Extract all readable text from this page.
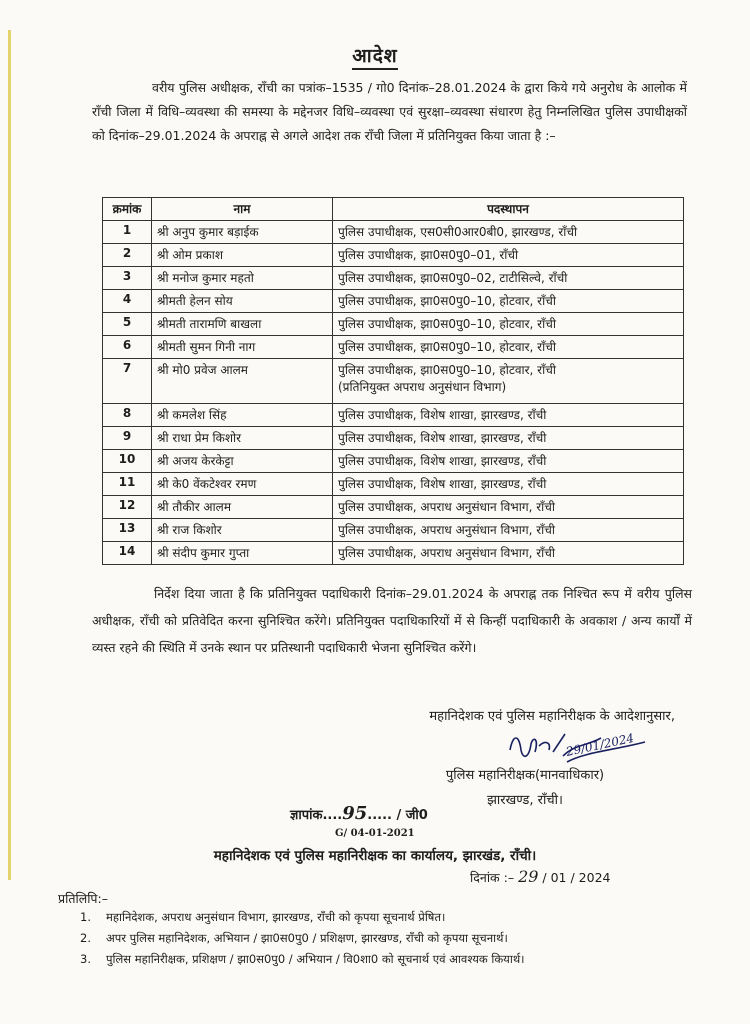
आदेश
वरीय पुलिस अधीक्षक, राँची का पत्रांक–1535 / गो0 दिनांक–28.01.2024 के द्वारा किये गये अनुरोध के आलोक में राँची जिला में विधि–व्यवस्था की समस्या के मद्देनजर विधि–व्यवस्था एवं सुरक्षा–व्यवस्था संधारण हेतु निम्नलिखित पुलिस उपाधीक्षकों को दिनांक–29.01.2024 के अपराह्न से अगले आदेश तक राँची जिला में प्रतिनियुक्त किया जाता है :–
क्रमांक	नाम	पदस्थापन
1	श्री अनुप कुमार बड़ाईक	पुलिस उपाधीक्षक, एस0सी0आर0बी0, झारखण्ड, राँची

2	श्री ओम प्रकाश	पुलिस उपाधीक्षक, झा0स0पु0–01, राँची

3	श्री मनोज कुमार महतो	पुलिस उपाधीक्षक, झा0स0पु0–02, टाटीसिल्वे, राँची

4	श्रीमती हेलन सोय	पुलिस उपाधीक्षक, झा0स0पु0–10, होटवार, राँची

5	श्रीमती तारामणि बाखला	पुलिस उपाधीक्षक, झा0स0पु0–10, होटवार, राँची

6	श्रीमती सुमन गिनी नाग	पुलिस उपाधीक्षक, झा0स0पु0–10, होटवार, राँची

7	श्री मो0 प्रवेज आलम	पुलिस उपाधीक्षक, झा0स0पु0–10, होटवार, राँची
(प्रतिनियुक्त अपराध अनुसंधान विभाग)

8	श्री कमलेश सिंह	पुलिस उपाधीक्षक, विशेष शाखा, झारखण्ड, राँची

9	श्री राधा प्रेम किशोर	पुलिस उपाधीक्षक, विशेष शाखा, झारखण्ड, राँची

10	श्री अजय केरकेट्टा	पुलिस उपाधीक्षक, विशेष शाखा, झारखण्ड, राँची

11	श्री के0 वेंकटेश्वर रमण	पुलिस उपाधीक्षक, विशेष शाखा, झारखण्ड, राँची

12	श्री तौकीर आलम	पुलिस उपाधीक्षक, अपराध अनुसंधान विभाग, राँची

13	श्री राज किशोर	पुलिस उपाधीक्षक, अपराध अनुसंधान विभाग, राँची

14	श्री संदीप कुमार गुप्ता	पुलिस उपाधीक्षक, अपराध अनुसंधान विभाग, राँची
निर्देश दिया जाता है कि प्रतिनियुक्त पदाधिकारी दिनांक–29.01.2024 के अपराह्न तक निश्चित रूप में वरीय पुलिस अधीक्षक, राँची को प्रतिवेदित करना सुनिश्चित करेंगे। प्रतिनियुक्त पदाधिकारियों में से किन्हीं पदाधिकारी के अवकाश / अन्य कार्यों में व्यस्त रहने की स्थिति में उनके स्थान पर प्रतिस्थानी पदाधिकारी भेजना सुनिश्चित करेंगे।
महानिदेशक एवं पुलिस महानिरीक्षक के आदेशानुसार,
29/01/2024
पुलिस महानिरीक्षक(मानवाधिकार)
झारखण्ड, राँची।
ज्ञापांक....95..... / जी0
G/ 04-01-2021
महानिदेशक एवं पुलिस महानिरीक्षक का कार्यालय, झारखंड, राँची।
दिनांक :– 29 / 01 / 2024
प्रतिलिपि:–
1.	महानिदेशक, अपराध अनुसंधान विभाग, झारखण्ड, राँची को कृपया सूचनार्थ प्रेषित।
2.	अपर पुलिस महानिदेशक, अभियान / झा0स0पु0 / प्रशिक्षण, झारखण्ड, राँची को कृपया सूचनार्थ।
3.	पुलिस महानिरीक्षक, प्रशिक्षण / झा0स0पु0 / अभियान / वि0शा0 को सूचनार्थ एवं आवश्यक कियार्थ।
